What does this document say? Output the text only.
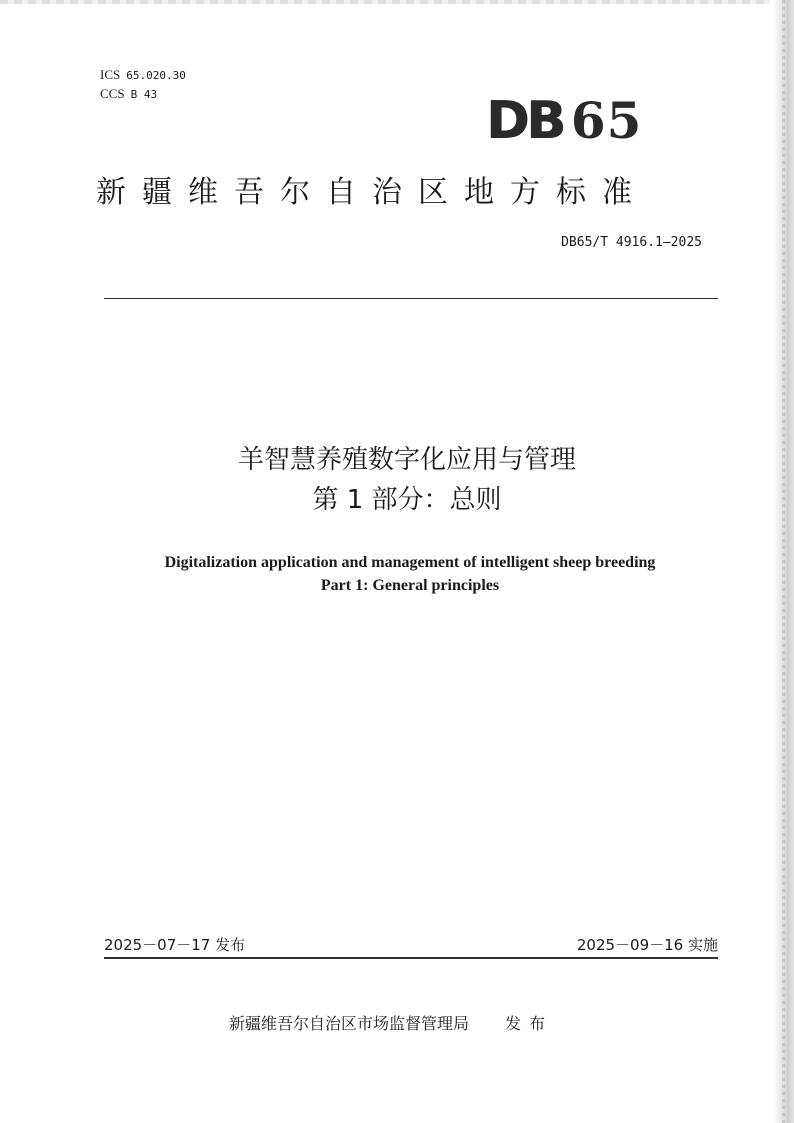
ICS 65.020.30
CCS B 43	DB 65
新疆维吾尔自治区地方标准
DB65/T 4916.1—2025
羊智慧养殖数字化应用与管理
第 1 部分：总则
Digitalization application and management of intelligent sheep breeding
Part 1: General principles
2025－07－17 发布	2025－09－16 实施
新疆维吾尔自治区市场监督管理局 发布
